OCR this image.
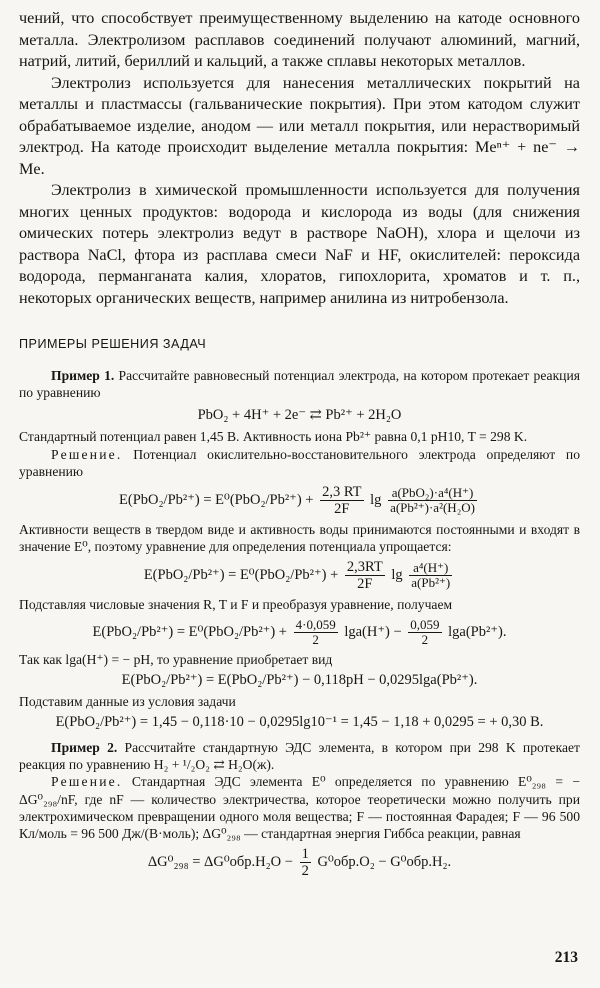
чений, что способствует преимущественному выделению на катоде основного металла. Электролизом расплавов соединений получают алюминий, магний, натрий, литий, бериллий и кальций, а также сплавы некоторых металлов.

Электролиз используется для нанесения металлических покрытий на металлы и пластмассы (гальванические покрытия). При этом катодом служит обрабатываемое изделие, анодом — или металл покрытия, или нерастворимый электрод. На катоде происходит выделение металла покрытия: Meⁿ⁺ + ne⁻ → Me.

Электролиз в химической промышленности используется для получения многих ценных продуктов: водорода и кислорода из воды (для снижения омических потерь электролиз ведут в растворе NaOH), хлора и щелочи из раствора NaCl, фтора из расплава смеси NaF и HF, окислителей: пероксида водорода, перманганата калия, хлоратов, гипохлорита, хроматов и т. п., некоторых органических веществ, например анилина из нитробензола.

ПРИМЕРЫ РЕШЕНИЯ ЗАДАЧ

Пример 1. Рассчитайте равновесный потенциал электрода, на котором протекает реакция по уравнению

PbO₂ + 4H⁺ + 2e⁻ ⇄ Pb²⁺ + 2H₂O

Стандартный потенциал равен 1,45 В. Активность иона Pb²⁺ равна 0,1 pH10, T = 298 K.

Решение. Потенциал окислительно-восстановительного электрода определяют по уравнению

$E(PbO_2/Pb^{2+}) = E^0(PbO_2/Pb^{2+}) + \frac{2,3 RT}{2F}$ $\lg \frac{\text{a(PbO₂)·a⁴(H⁺)}}{\text{a(Pb²⁺)·a²(H₂O)}}$

Активности веществ в твердом виде и активность воды принимаются постоянными и входят в значение E⁰, поэтому уравнение для определения потенциала упрощается:

$E(PbO_2/Pb^{2+}) = E^0(PbO_2/Pb^{2+}) + \frac{2,3RT}{2F}$ $\lg \frac{\text{a⁴(H⁺)}}{\text{a(Pb²⁺)}}$

Подставляя числовые значения R, T и F и преобразуя уравнение, получаем

$E(PbO_2/Pb^{2+}) = E^0(PbO_2/Pb^{2+}) + \frac{4\cdot 0,059}{2} \lg a(H^+) - \frac{0,059}{2} \lg a(Pb^{2+})$.

Так как lga(H⁺) = − pH, то уравнение приобретает вид

E(PbO₂/Pb²⁺) = E(PbO₂/Pb²⁺) − 0,118pH − 0,0295lga(Pb²⁺).

Подставим данные из условия задачи

E(PbO₂/Pb²⁺) = 1,45 − 0,118·10 − 0,0295lg10⁻¹ = 1,45 − 1,18 + 0,0295 = + 0,30 В.

Пример 2. Рассчитайте стандартную ЭДС элемента, в котором при 298 K протекает реакция по уравнению H₂ + ¹/₂O₂ ⇄ H₂O(ж).

Решение. Стандартная ЭДС элемента E⁰ определяется по уравнению E⁰₂₉₈ = − ΔG⁰₂₉₈/nF, где nF — количество электричества, которое теоретически можно получить при электрохимическом превращении одного моля вещества; F — постоянная Фарадея; F — 96 500 Кл/моль = 96 500 Дж/(В·моль); ΔG⁰₂₉₈ — стандартная энергия Гиббса реакции, равная

$\Delta G^0_{298} = \Delta G^0обр.H_2O - \frac{1}{2} G^0обр.O_2 - G^0обр.H_2$.
213
